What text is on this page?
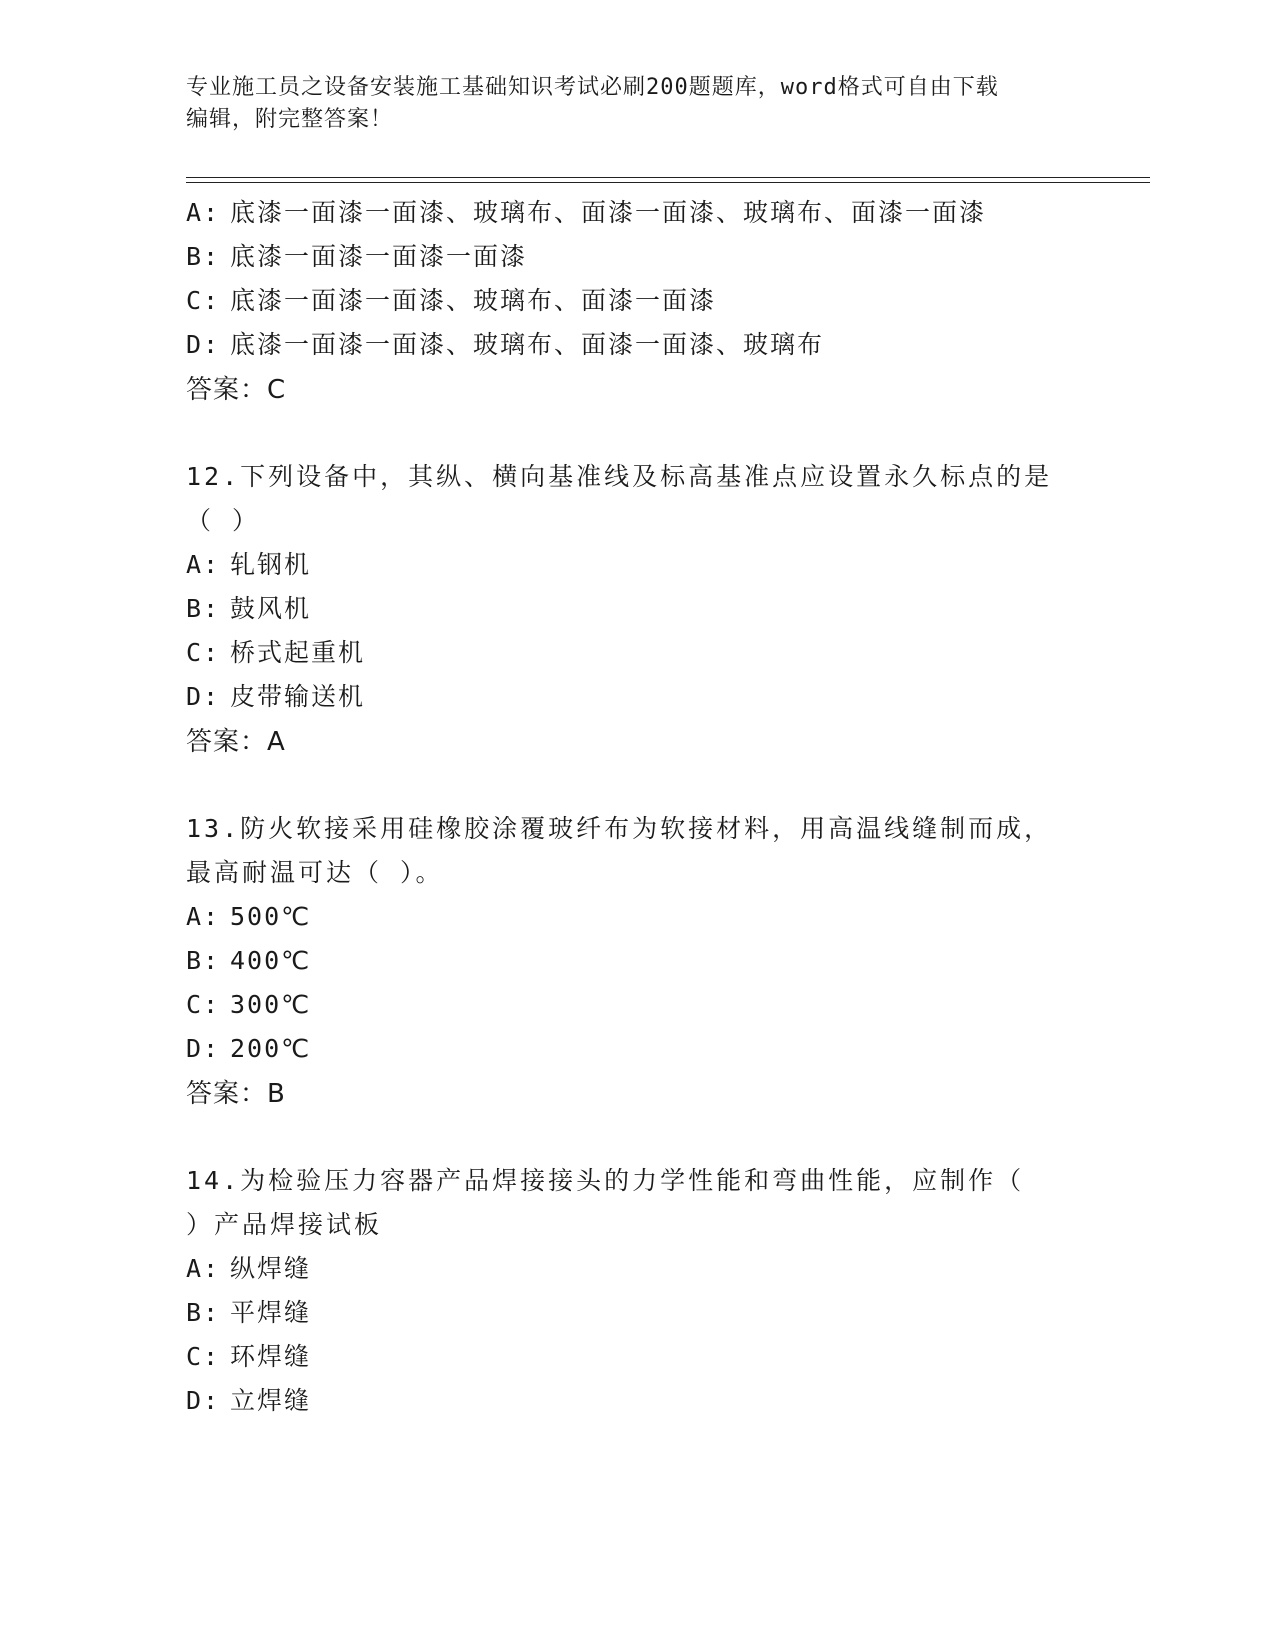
专业施工员之设备安装施工基础知识考试必刷200题题库，word格式可自由下载
编辑，附完整答案！
A: 底漆一面漆一面漆、玻璃布、面漆一面漆、玻璃布、面漆一面漆
B: 底漆一面漆一面漆一面漆
C: 底漆一面漆一面漆、玻璃布、面漆一面漆
D: 底漆一面漆一面漆、玻璃布、面漆一面漆、玻璃布
答案：C
12.下列设备中，其纵、横向基准线及标高基准点应设置永久标点的是
（ ）
A: 轧钢机
B: 鼓风机
C: 桥式起重机
D: 皮带输送机
答案：A
13.防火软接采用硅橡胶涂覆玻纤布为软接材料，用高温线缝制而成，
最高耐温可达（ ）。
A: 500℃
B: 400℃
C: 300℃
D: 200℃
答案：B
14.为检验压力容器产品焊接接头的力学性能和弯曲性能，应制作（
）产品焊接试板
A: 纵焊缝
B: 平焊缝
C: 环焊缝
D: 立焊缝
